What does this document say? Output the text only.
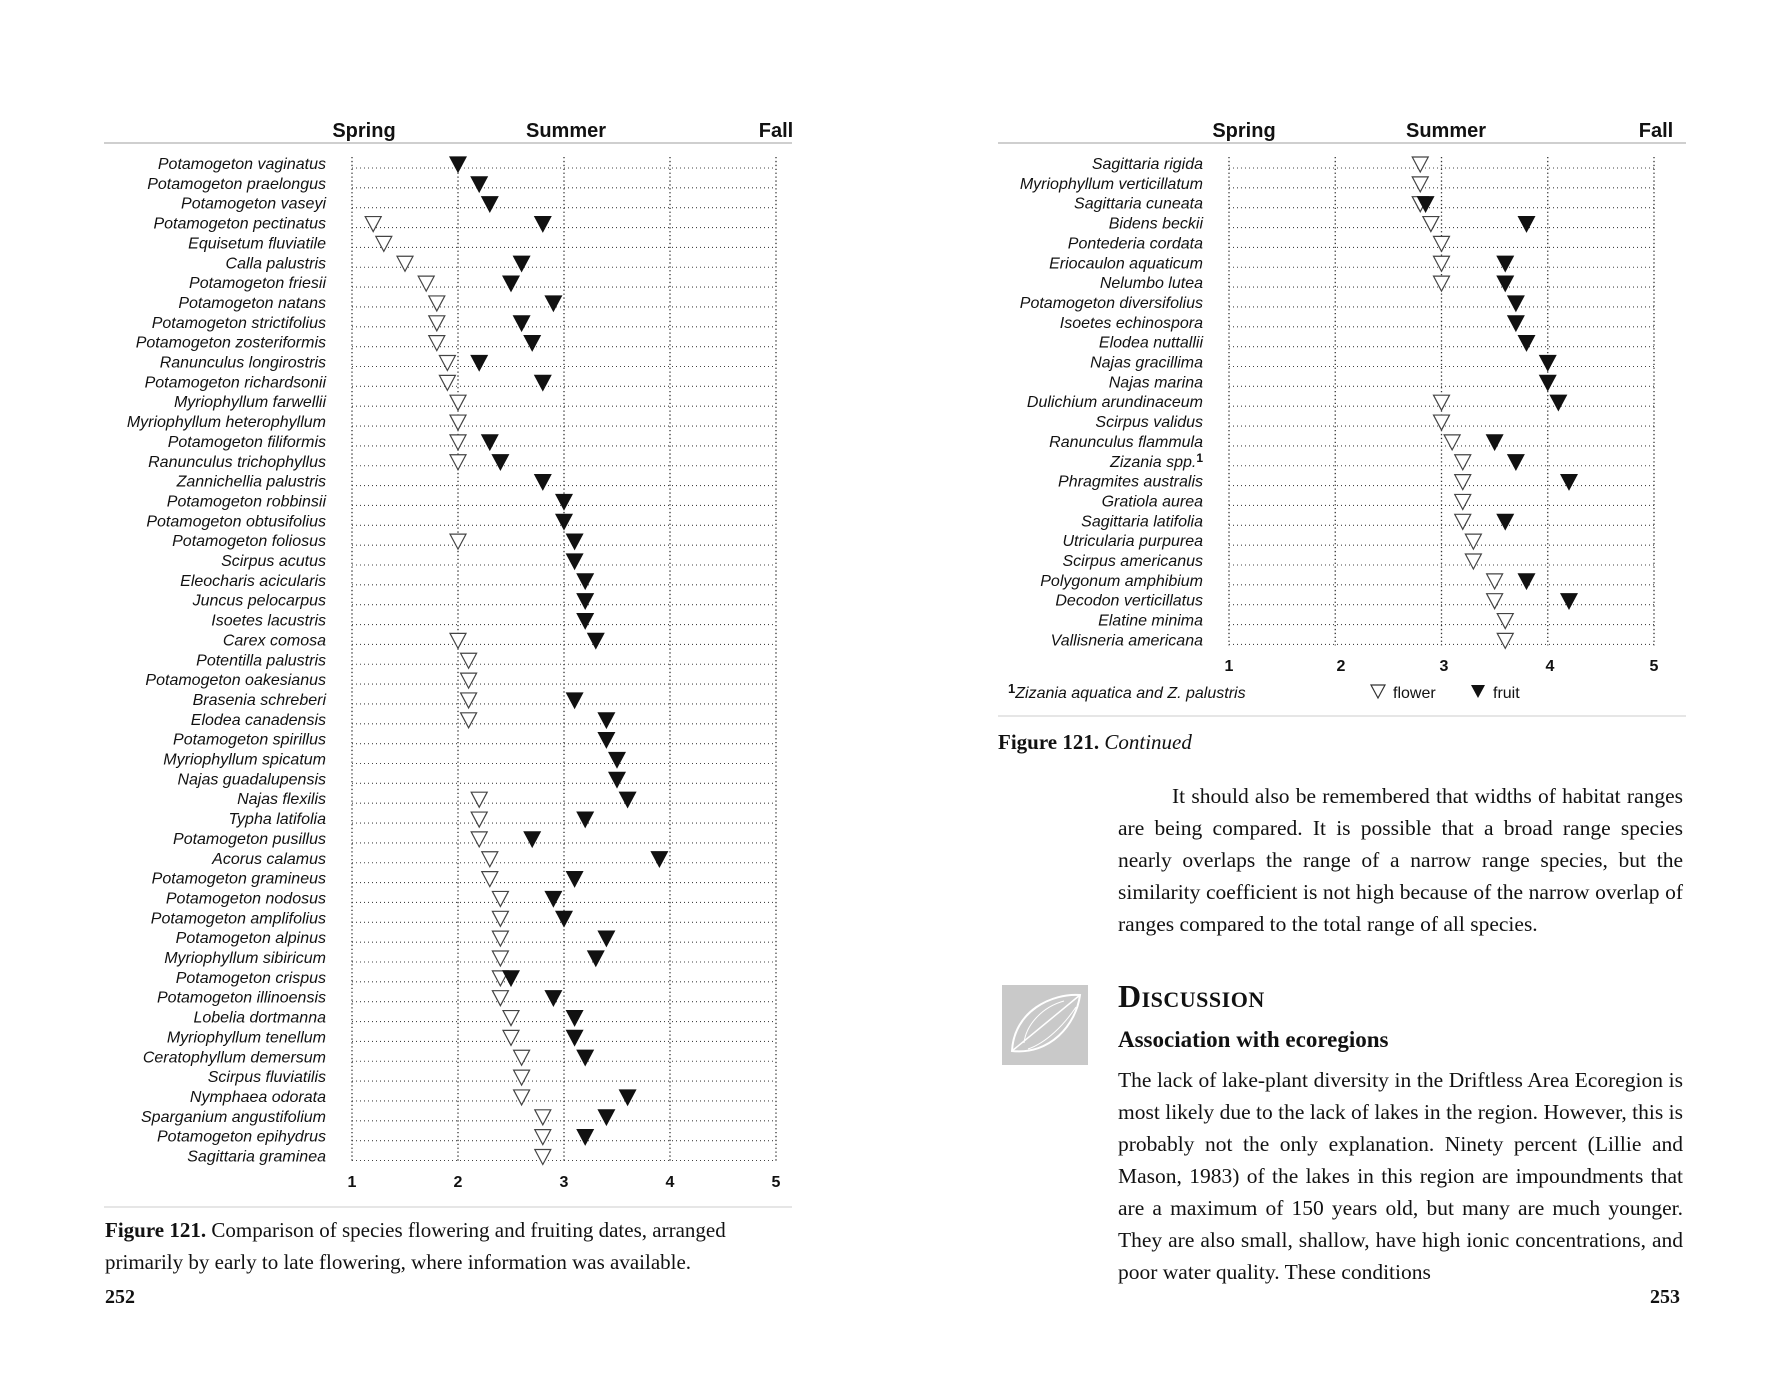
Spring	Summer	Fall
Potamogeton vaginatus
Potamogeton praelongus
Potamogeton vaseyi
Potamogeton pectinatus
Equisetum fluviatile
Calla palustris
Potamogeton friesii
Potamogeton natans
Potamogeton strictifolius
Potamogeton zosteriformis
Ranunculus longirostris
Potamogeton richardsonii
Myriophyllum farwellii
Myriophyllum heterophyllum
Potamogeton filiformis
Ranunculus trichophyllus
Zannichellia palustris
Potamogeton robbinsii
Potamogeton obtusifolius
Potamogeton foliosus
Scirpus acutus
Eleocharis acicularis
Juncus pelocarpus
Isoetes lacustris
Carex comosa
Potentilla palustris
Potamogeton oakesianus
Brasenia schreberi
Elodea canadensis
Potamogeton spirillus
Myriophyllum spicatum
Najas guadalupensis
Najas flexilis
Typha latifolia
Potamogeton pusillus
Acorus calamus
Potamogeton gramineus
Potamogeton nodosus
Potamogeton amplifolius
Potamogeton alpinus
Myriophyllum sibiricum
Potamogeton crispus
Potamogeton illinoensis
Lobelia dortmanna
Myriophyllum tenellum
Ceratophyllum demersum
Scirpus fluviatilis
Nymphaea odorata
Sparganium angustifolium
Potamogeton epihydrus
Sagittaria graminea
1	2	3	4	5
Spring	Summer	Fall
Sagittaria rigida
Myriophyllum verticillatum
Sagittaria cuneata
Bidens beckii
Pontederia cordata
Eriocaulon aquaticum
Nelumbo lutea
Potamogeton diversifolius
Isoetes echinospora
Elodea nuttallii
Najas gracillima
Najas marina
Dulichium arundinaceum
Scirpus validus
Ranunculus flammula
Zizania spp.$^1$
Phragmites australis
Gratiola aurea
Sagittaria latifolia
Utricularia purpurea
Scirpus americanus
Polygonum amphibium
Decodon verticillatus
Elatine minima
Vallisneria americana
1	2	3	4	5
$^1$Zizania aquatica and Z. palustris	flower	fruit
Figure 121. Comparison of species flowering and fruiting dates, arranged primarily by early to late flowering, where information was available.
252
Figure 121. Continued
It should also be remembered that widths of habitat ranges are being compared. It is possible that a broad range species nearly overlaps the range of a narrow range species, but the similarity coefficient is not high because of the narrow overlap of ranges compared to the total range of all species.
Discussion
Association with ecoregions
The lack of lake-plant diversity in the Driftless Area Ecoregion is most likely due to the lack of lakes in the region. However, this is probably not the only explanation. Ninety percent (Lillie and Mason, 1983) of the lakes in this region are impoundments that are a maximum of 150 years old, but many are much younger. They are also small, shallow, have high ionic concentrations, and poor water quality. These conditions
253
